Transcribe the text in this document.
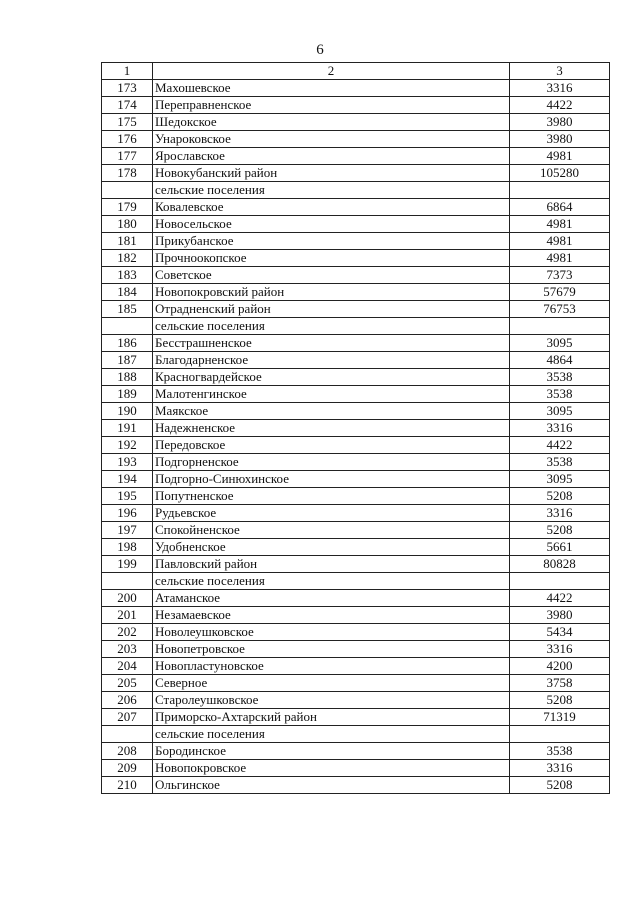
6
1	2	3
173	Махошевское	3316
174	Переправненское	4422
175	Шедокское	3980
176	Унароковское	3980
177	Ярославское	4981
178	Новокубанский район	105280
	сельские поселения	
179	Ковалевское	6864
180	Новосельское	4981
181	Прикубанское	4981
182	Прочноокопское	4981
183	Советское	7373
184	Новопокровский район	57679
185	Отрадненский район	76753
	сельские поселения	
186	Бесстрашненское	3095
187	Благодарненское	4864
188	Красногвардейское	3538
189	Малотенгинское	3538
190	Маякское	3095
191	Надежненское	3316
192	Передовское	4422
193	Подгорненское	3538
194	Подгорно-Синюхинское	3095
195	Попутненское	5208
196	Рудьевское	3316
197	Спокойненское	5208
198	Удобненское	5661
199	Павловский район	80828
	сельские поселения	
200	Атаманское	4422
201	Незамаевское	3980
202	Новолеушковское	5434
203	Новопетровское	3316
204	Новопластуновское	4200
205	Северное	3758
206	Старолеушковское	5208
207	Приморско-Ахтарский район	71319
	сельские поселения	
208	Бородинское	3538
209	Новопокровское	3316
210	Ольгинское	5208
